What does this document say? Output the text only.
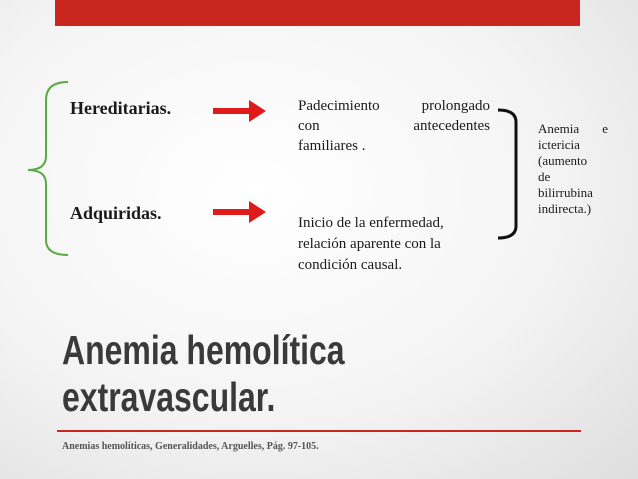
Hereditarias.
Adquiridas.
Padecimiento prolongado
con antecedentes
familiares .
Inicio de la enfermedad,
relación aparente con la
condición causal.
Anemia e
ictericia
(aumento
de
bilirrubina
indirecta.)
Anemia hemolítica
extravascular.
Anemias hemolíticas, Generalidades, Arguelles, Pág. 97-105.
